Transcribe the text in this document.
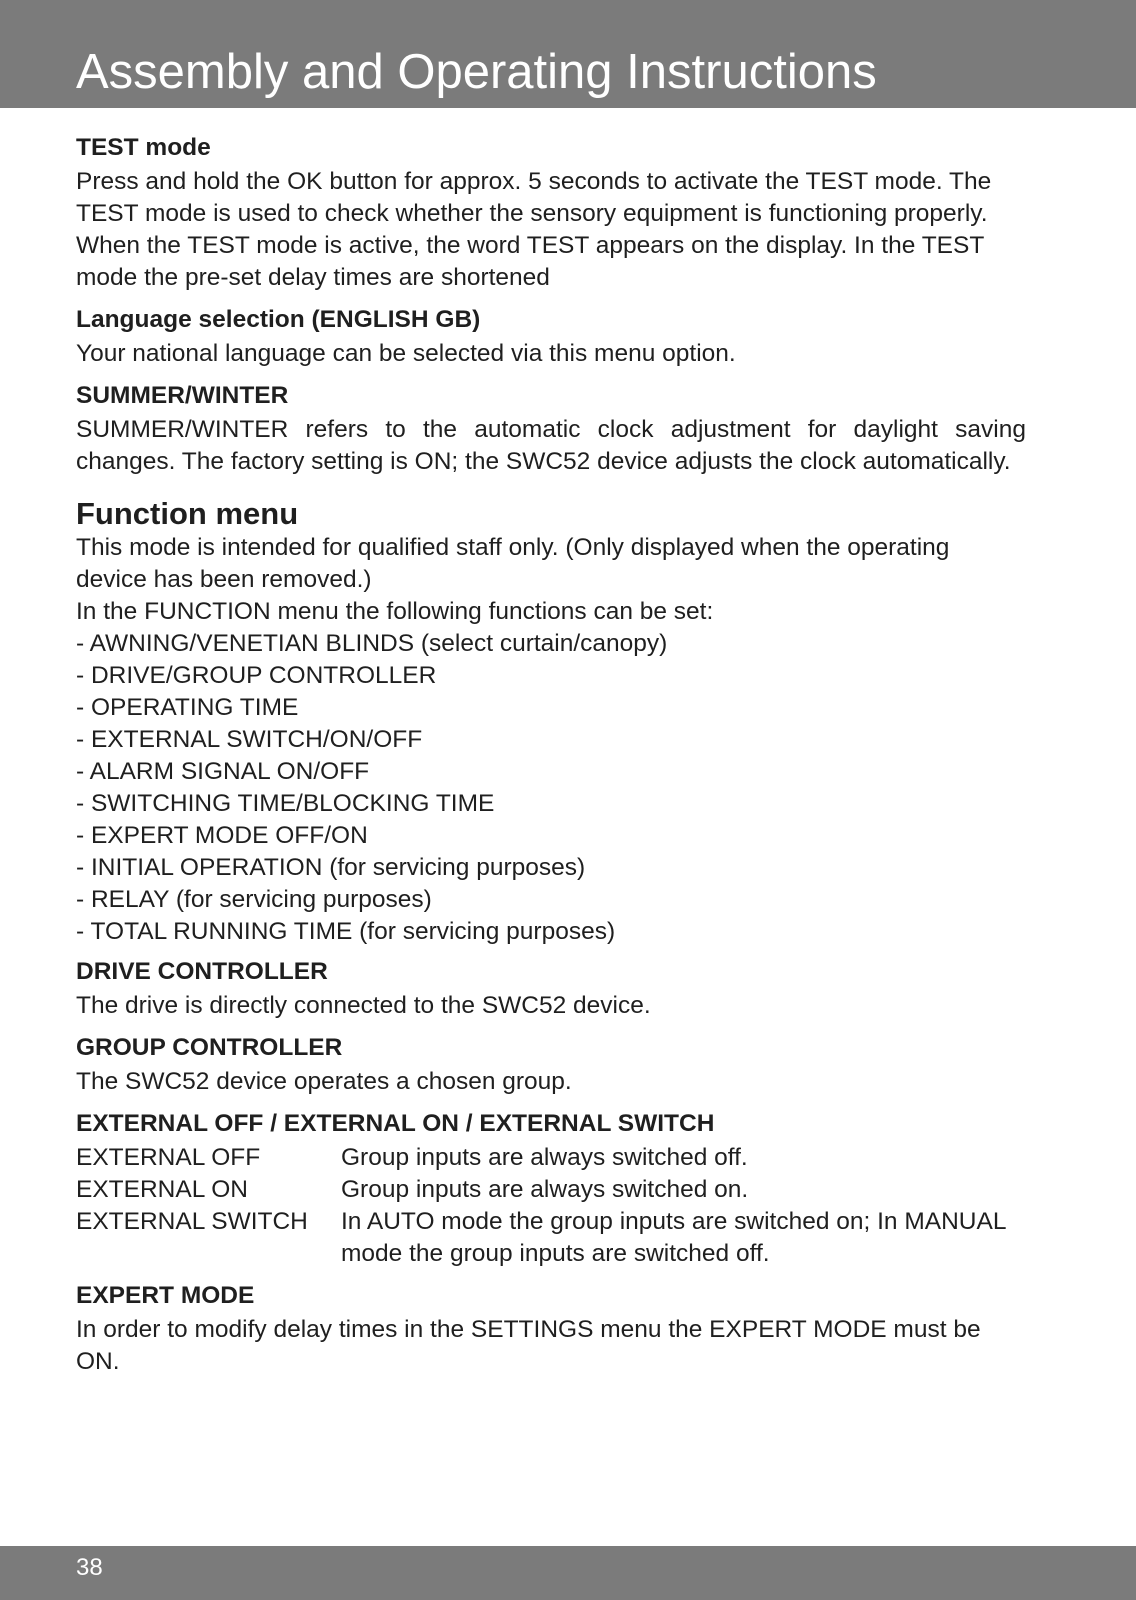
Assembly and Operating Instructions
TEST mode

Press and hold the OK button for approx. 5 seconds to activate the TEST mode. The TEST mode is used to check whether the sensory equipment is functioning properly. When the TEST mode is active, the word TEST appears on the display. In the TEST mode the pre-set delay times are shortened

Language selection (ENGLISH GB)

Your national language can be selected via this menu option.

SUMMER/WINTER

SUMMER/WINTER refers to the automatic clock adjustment for daylight saving changes. The factory setting is ON; the SWC52 device adjusts the clock automatically.

Function menu

This mode is intended for qualified staff only. (Only displayed when the operating device has been removed.)

In the FUNCTION menu the following functions can be set:

- AWNING/VENETIAN BLINDS (select curtain/canopy)
- DRIVE/GROUP CONTROLLER
- OPERATING TIME
- EXTERNAL SWITCH/ON/OFF
- ALARM SIGNAL ON/OFF
- SWITCHING TIME/BLOCKING TIME
- EXPERT MODE OFF/ON
- INITIAL OPERATION (for servicing purposes)
- RELAY (for servicing purposes)
- TOTAL RUNNING TIME (for servicing purposes)
DRIVE CONTROLLER

The drive is directly connected to the SWC52 device.

GROUP CONTROLLER

The SWC52 device operates a chosen group.

EXTERNAL OFF / EXTERNAL ON / EXTERNAL SWITCH
EXTERNAL OFF	Group inputs are always switched off.
EXTERNAL ON	Group inputs are always switched on.
EXTERNAL SWITCH	In AUTO mode the group inputs are switched on; In MANUAL mode the group inputs are switched off.
EXPERT MODE

In order to modify delay times in the SETTINGS menu the EXPERT MODE must be ON.

38
